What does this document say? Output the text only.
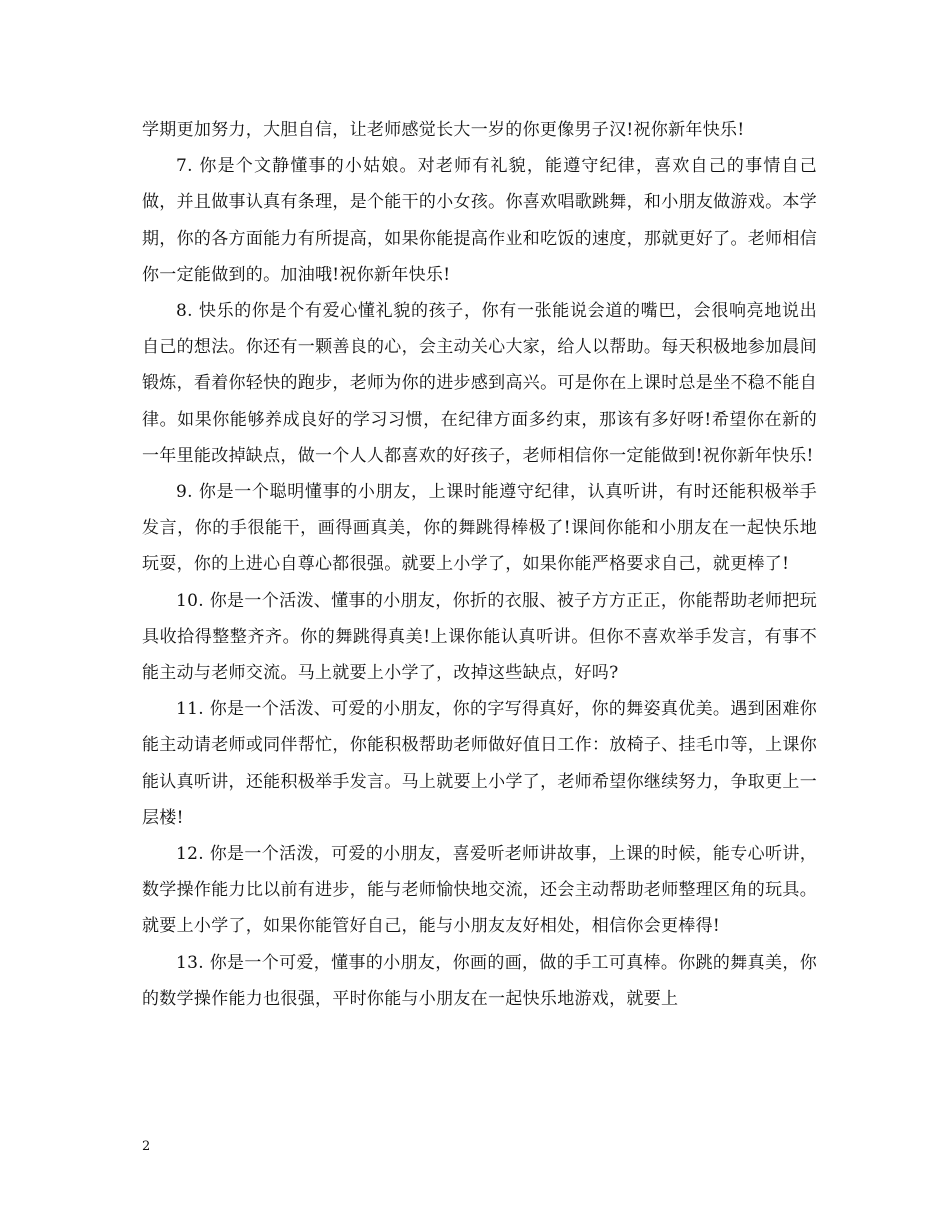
学期更加努力，大胆自信，让老师感觉长大一岁的你更像男子汉!祝你新年快乐!

7. 你是个文静懂事的小姑娘。对老师有礼貌，能遵守纪律，喜欢自己的事情自己做，并且做事认真有条理，是个能干的小女孩。你喜欢唱歌跳舞，和小朋友做游戏。本学期，你的各方面能力有所提高，如果你能提高作业和吃饭的速度，那就更好了。老师相信你一定能做到的。加油哦!祝你新年快乐!

8. 快乐的你是个有爱心懂礼貌的孩子，你有一张能说会道的嘴巴，会很响亮地说出自己的想法。你还有一颗善良的心，会主动关心大家，给人以帮助。每天积极地参加晨间锻炼，看着你轻快的跑步，老师为你的进步感到高兴。可是你在上课时总是坐不稳不能自律。如果你能够养成良好的学习习惯，在纪律方面多约束，那该有多好呀!希望你在新的一年里能改掉缺点，做一个人人都喜欢的好孩子，老师相信你一定能做到!祝你新年快乐!

9. 你是一个聪明懂事的小朋友，上课时能遵守纪律，认真听讲，有时还能积极举手发言，你的手很能干，画得画真美，你的舞跳得棒极了!课间你能和小朋友在一起快乐地玩耍，你的上进心自尊心都很强。就要上小学了，如果你能严格要求自己，就更棒了!

10. 你是一个活泼、懂事的小朋友，你折的衣服、被子方方正正，你能帮助老师把玩具收拾得整整齐齐。你的舞跳得真美!上课你能认真听讲。但你不喜欢举手发言，有事不能主动与老师交流。马上就要上小学了，改掉这些缺点，好吗?

11. 你是一个活泼、可爱的小朋友，你的字写得真好，你的舞姿真优美。遇到困难你能主动请老师或同伴帮忙，你能积极帮助老师做好值日工作：放椅子、挂毛巾等，上课你能认真听讲，还能积极举手发言。马上就要上小学了，老师希望你继续努力，争取更上一层楼!

12. 你是一个活泼，可爱的小朋友，喜爱听老师讲故事，上课的时候，能专心听讲，数学操作能力比以前有进步，能与老师愉快地交流，还会主动帮助老师整理区角的玩具。就要上小学了，如果你能管好自己，能与小朋友友好相处，相信你会更棒得!

13. 你是一个可爱，懂事的小朋友，你画的画，做的手工可真棒。你跳的舞真美，你的数学操作能力也很强，平时你能与小朋友在一起快乐地游戏，就要上

2
